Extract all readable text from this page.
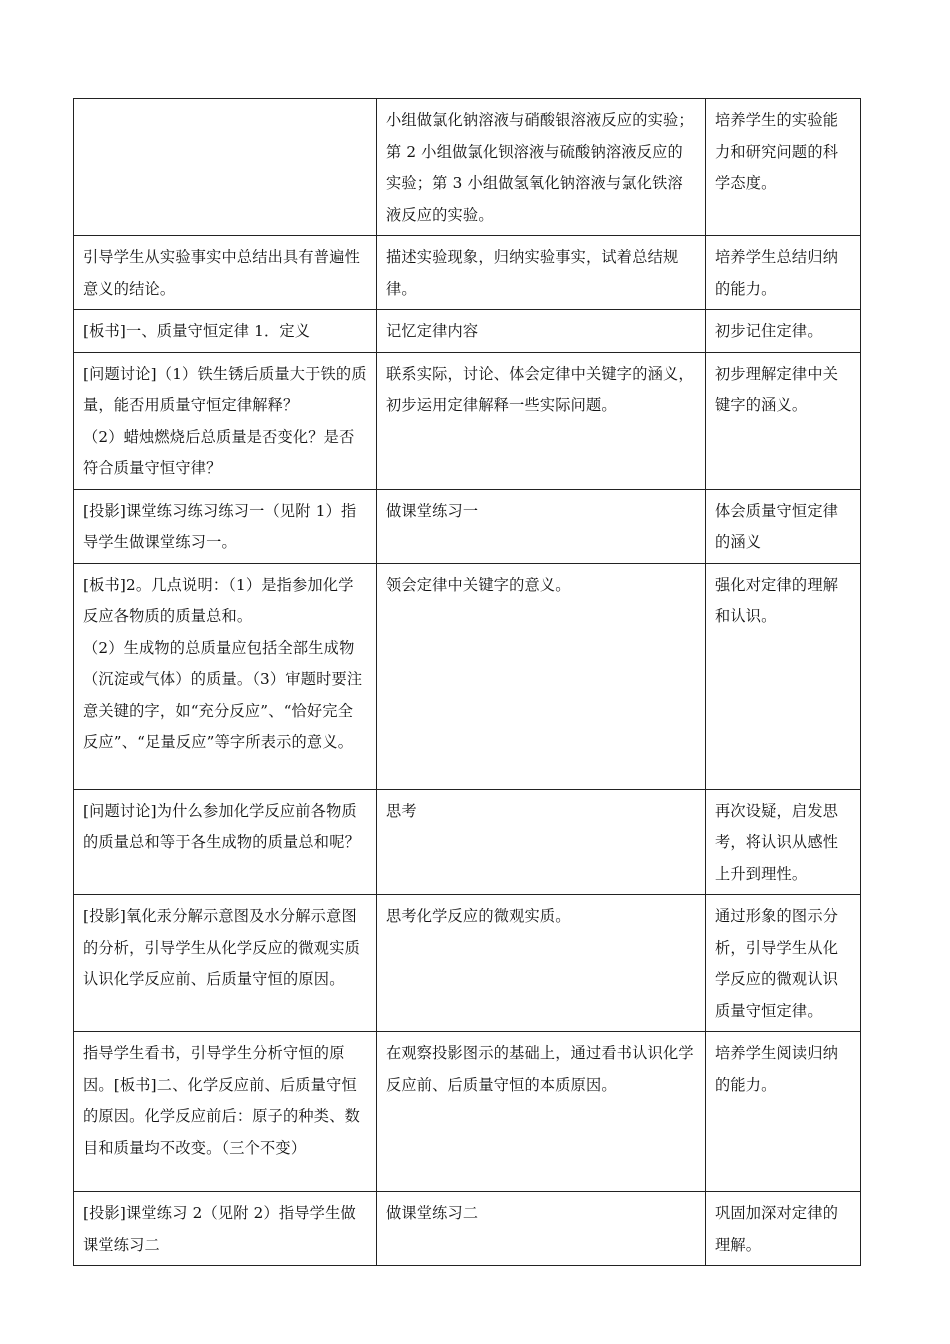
	小组做氯化钠溶液与硝酸银溶液反应的实验；第 2 小组做氯化钡溶液与硫酸钠溶液反应的实验；第 3 小组做氢氧化钠溶液与氯化铁溶液反应的实验。	培养学生的实验能力和研究问题的科学态度。

引导学生从实验事实中总结出具有普遍性意义的结论。	描述实验现象，归纳实验事实，试着总结规律。	培养学生总结归纳的能力。

[板书]一、质量守恒定律 1．定义	记忆定律内容	初步记住定律。

[问题讨论]（1）铁生锈后质量大于铁的质量，能否用质量守恒定律解释？
（2）蜡烛燃烧后总质量是否变化？是否符合质量守恒守律？	联系实际，讨论、体会定律中关键字的涵义，初步运用定律解释一些实际问题。	初步理解定律中关键字的涵义。

[投影]课堂练习练习练习一（见附 1）指导学生做课堂练习一。	做课堂练习一	体会质量守恒定律的涵义

[板书]2。几点说明：（1）是指参加化学反应各物质的质量总和。
（2）生成物的总质量应包括全部生成物（沉淀或气体）的质量。（3）审题时要注意关键的字，如“充分反应”、“恰好完全反应”、“足量反应”等字所表示的意义。	领会定律中关键字的意义。	强化对定律的理解和认识。

[问题讨论]为什么参加化学反应前各物质的质量总和等于各生成物的质量总和呢？	思考	再次设疑，启发思考，将认识从感性上升到理性。

[投影]氧化汞分解示意图及水分解示意图的分析，引导学生从化学反应的微观实质认识化学反应前、后质量守恒的原因。	思考化学反应的微观实质。	通过形象的图示分析，引导学生从化学反应的微观认识质量守恒定律。

指导学生看书，引导学生分析守恒的原因。[板书]二、化学反应前、后质量守恒的原因。化学反应前后：原子的种类、数目和质量均不改变。（三个不变）	在观察投影图示的基础上，通过看书认识化学反应前、后质量守恒的本质原因。	培养学生阅读归纳的能力。

[投影]课堂练习 2（见附 2）指导学生做课堂练习二	做课堂练习二	巩固加深对定律的理解。
